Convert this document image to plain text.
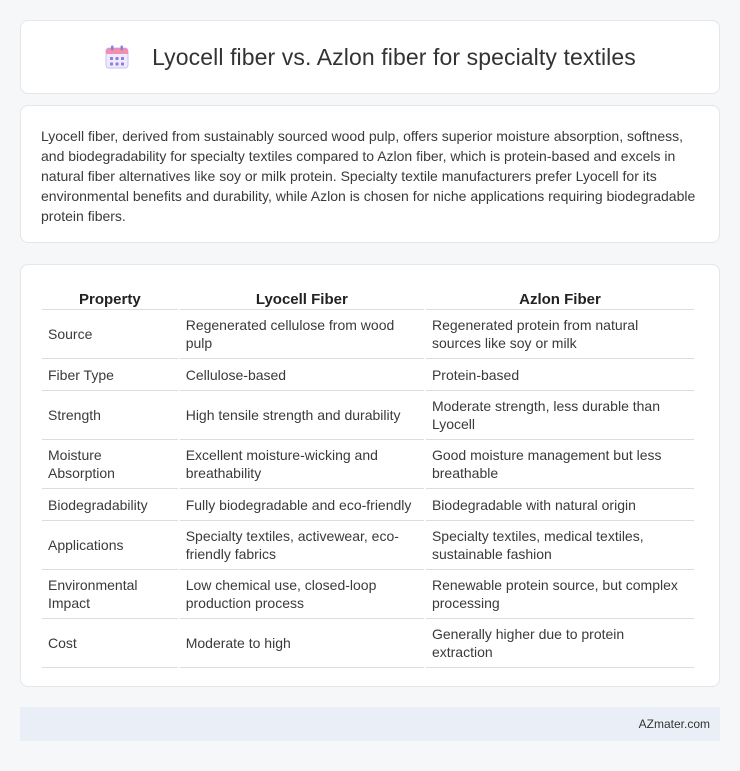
Lyocell fiber vs. Azlon fiber for specialty textiles

Lyocell fiber, derived from sustainably sourced wood pulp, offers superior moisture absorption, softness, and biodegradability for specialty textiles compared to Azlon fiber, which is protein-based and excels in natural fiber alternatives like soy or milk protein. Specialty textile manufacturers prefer Lyocell for its environmental benefits and durability, while Azlon is chosen for niche applications requiring biodegradable protein fibers.

Property	Lyocell Fiber	Azlon Fiber
Source	Regenerated cellulose from wood pulp	Regenerated protein from natural sources like soy or milk
Fiber Type	Cellulose-based	Protein-based
Strength	High tensile strength and durability	Moderate strength, less durable than Lyocell
Moisture Absorption	Excellent moisture-wicking and breathability	Good moisture management but less breathable
Biodegradability	Fully biodegradable and eco-friendly	Biodegradable with natural origin
Applications	Specialty textiles, activewear, eco-friendly fabrics	Specialty textiles, medical textiles, sustainable fashion
Environmental Impact	Low chemical use, closed-loop production process	Renewable protein source, but complex processing
Cost	Moderate to high	Generally higher due to protein extraction
AZmater.com
